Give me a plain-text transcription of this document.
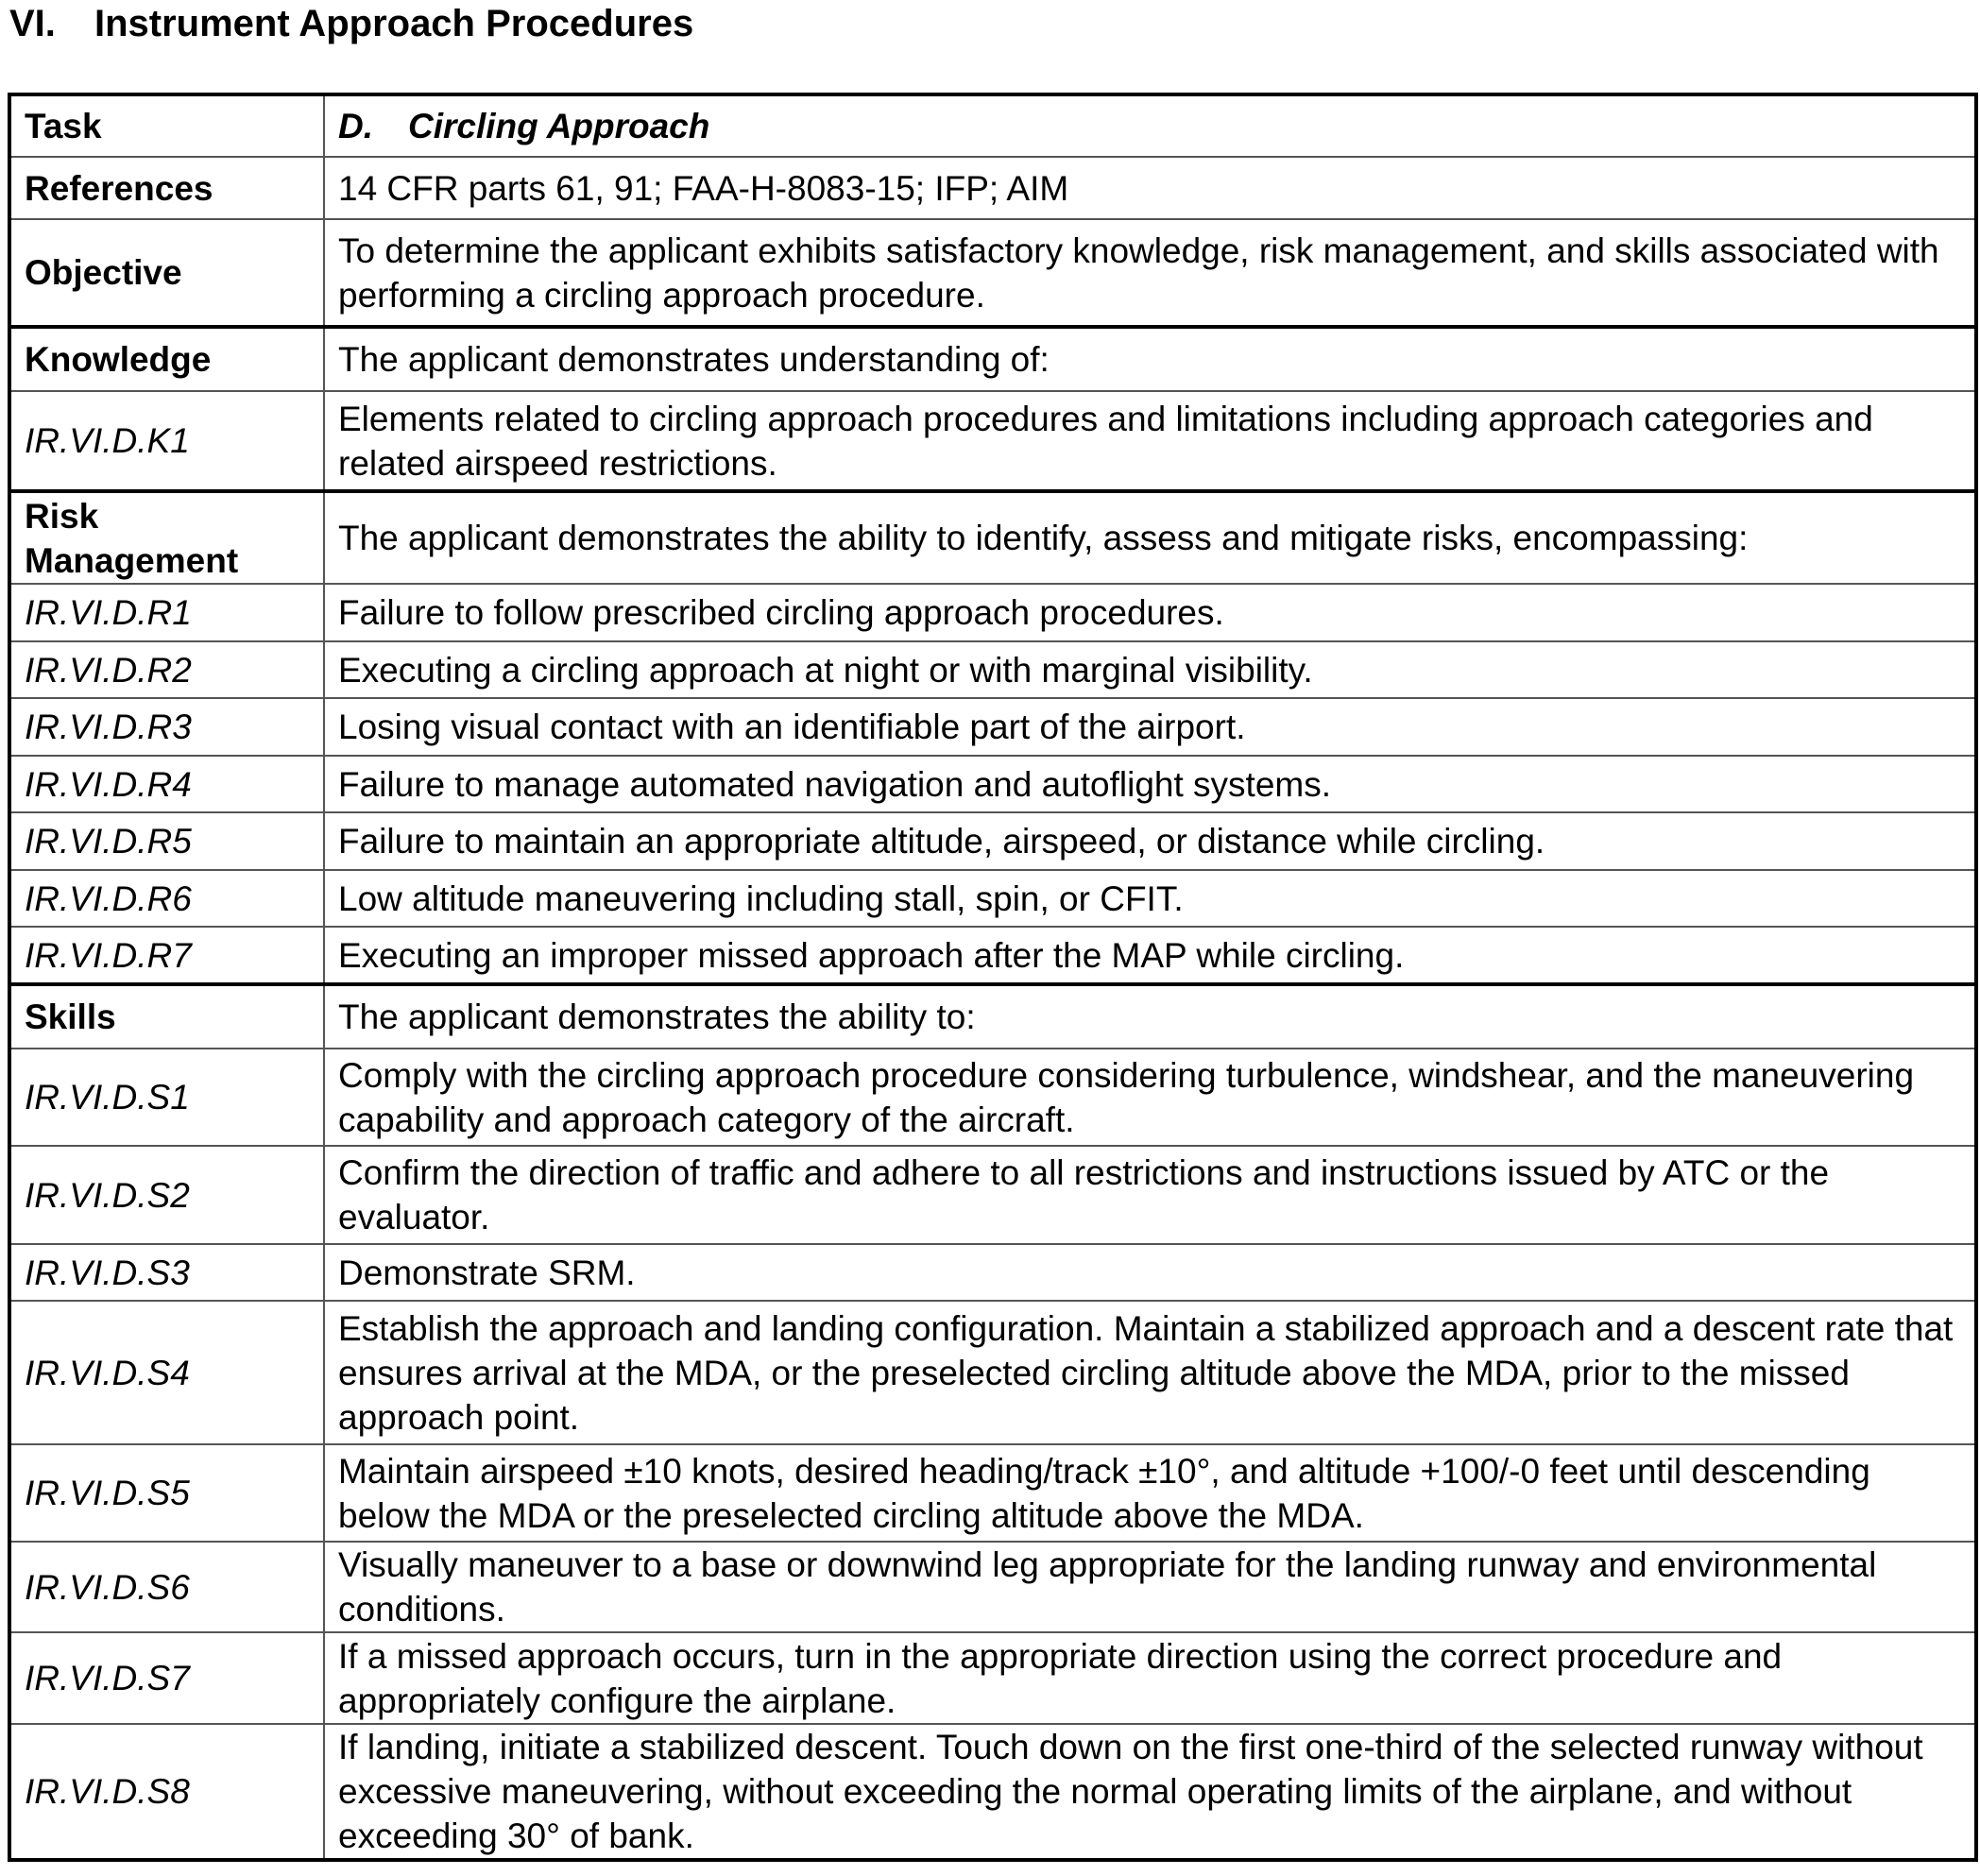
VI. Instrument Approach Procedures
Task	D. Circling Approach
References	14 CFR parts 61, 91; FAA-H-8083-15; IFP; AIM
Objective	To determine the applicant exhibits satisfactory knowledge, risk management, and skills associated with performing a circling approach procedure.
Knowledge	The applicant demonstrates understanding of:
IR.VI.D.K1	Elements related to circling approach procedures and limitations including approach categories and related airspeed restrictions.
Risk
Management	The applicant demonstrates the ability to identify, assess and mitigate risks, encompassing:
IR.VI.D.R1	Failure to follow prescribed circling approach procedures.
IR.VI.D.R2	Executing a circling approach at night or with marginal visibility.
IR.VI.D.R3	Losing visual contact with an identifiable part of the airport.
IR.VI.D.R4	Failure to manage automated navigation and autoflight systems.
IR.VI.D.R5	Failure to maintain an appropriate altitude, airspeed, or distance while circling.
IR.VI.D.R6	Low altitude maneuvering including stall, spin, or CFIT.
IR.VI.D.R7	Executing an improper missed approach after the MAP while circling.
Skills	The applicant demonstrates the ability to:
IR.VI.D.S1	Comply with the circling approach procedure considering turbulence, windshear, and the maneuvering capability and approach category of the aircraft.
IR.VI.D.S2	Confirm the direction of traffic and adhere to all restrictions and instructions issued by ATC or the evaluator.
IR.VI.D.S3	Demonstrate SRM.
IR.VI.D.S4	Establish the approach and landing configuration. Maintain a stabilized approach and a descent rate that ensures arrival at the MDA, or the preselected circling altitude above the MDA, prior to the missed approach point.
IR.VI.D.S5	Maintain airspeed ±10 knots, desired heading/track ±10°, and altitude +100/-0 feet until descending below the MDA or the preselected circling altitude above the MDA.
IR.VI.D.S6	Visually maneuver to a base or downwind leg appropriate for the landing runway and environmental conditions.
IR.VI.D.S7	If a missed approach occurs, turn in the appropriate direction using the correct procedure and appropriately configure the airplane.
IR.VI.D.S8	If landing, initiate a stabilized descent. Touch down on the first one-third of the selected runway without excessive maneuvering, without exceeding the normal operating limits of the airplane, and without exceeding 30° of bank.
